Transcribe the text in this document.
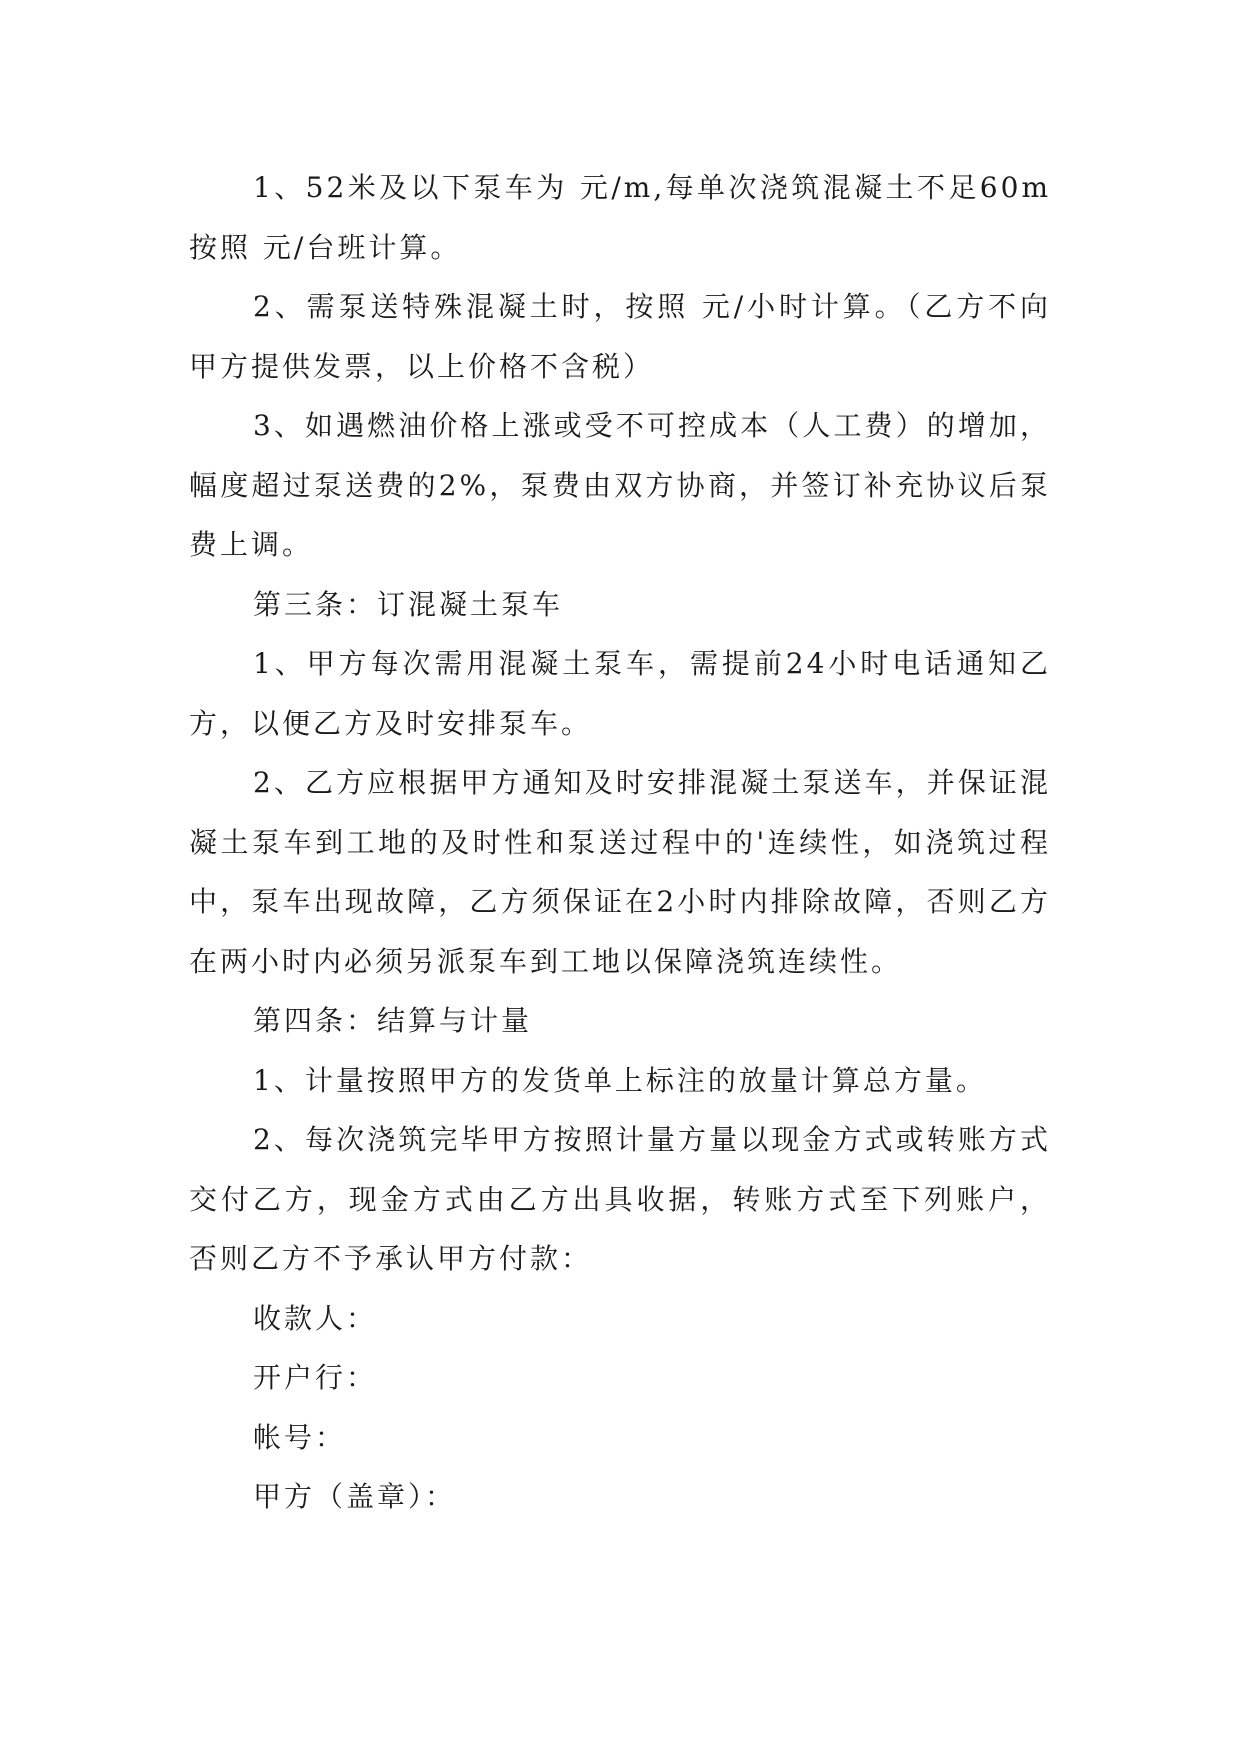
1、52米及以下泵车为 元/m,每单次浇筑混凝土不足60m按照 元/台班计算。

2、需泵送特殊混凝土时，按照 元/小时计算。（乙方不向甲方提供发票，以上价格不含税）

3、如遇燃油价格上涨或受不可控成本（人工费）的增加，幅度超过泵送费的2%，泵费由双方协商，并签订补充协议后泵费上调。

第三条：订混凝土泵车

1、甲方每次需用混凝土泵车，需提前24小时电话通知乙方，以便乙方及时安排泵车。

2、乙方应根据甲方通知及时安排混凝土泵送车，并保证混凝土泵车到工地的及时性和泵送过程中的'连续性，如浇筑过程中，泵车出现故障，乙方须保证在2小时内排除故障，否则乙方在两小时内必须另派泵车到工地以保障浇筑连续性。

第四条：结算与计量

1、计量按照甲方的发货单上标注的放量计算总方量。

2、每次浇筑完毕甲方按照计量方量以现金方式或转账方式交付乙方，现金方式由乙方出具收据，转账方式至下列账户，否则乙方不予承认甲方付款：

收款人：

开户行：

帐号：

甲方（盖章）：
